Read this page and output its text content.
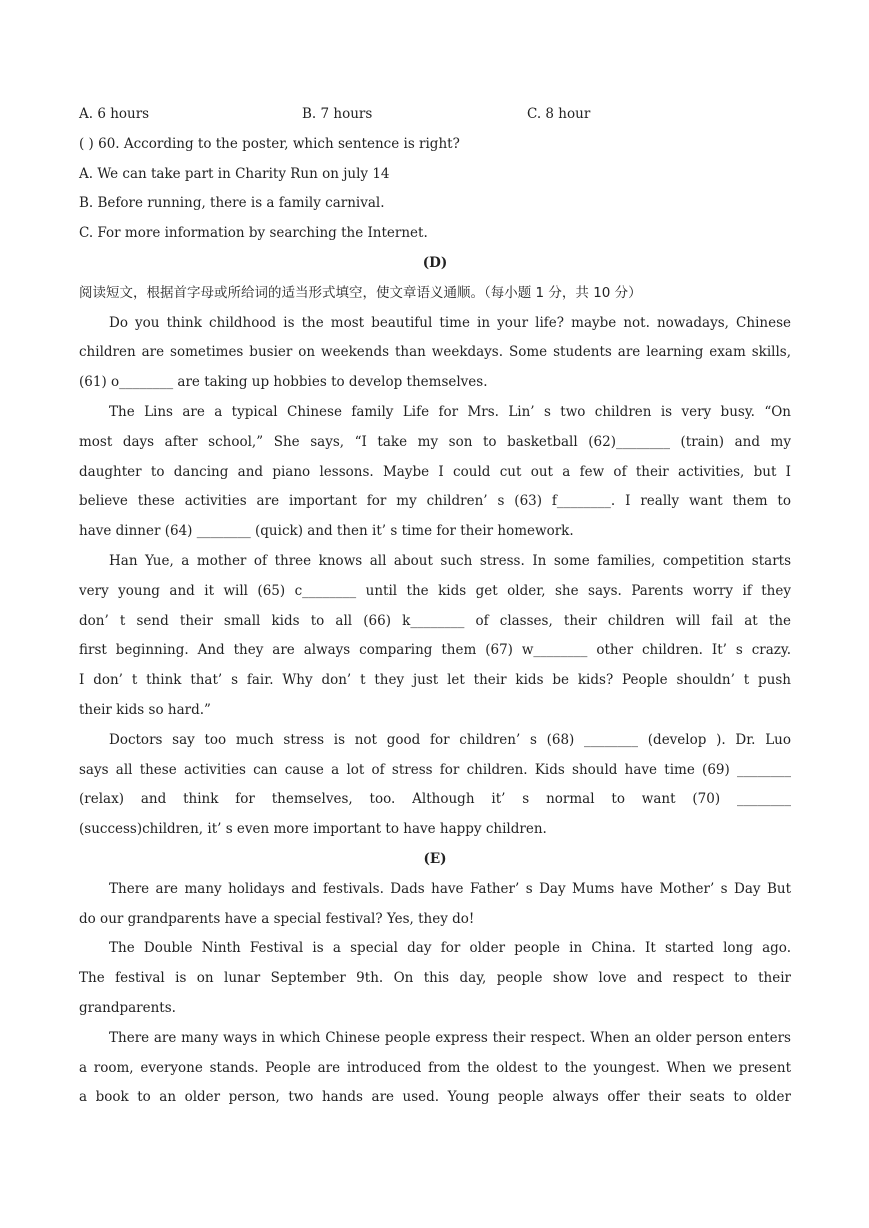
A. 6 hours	B. 7 hours	C. 8 hour
( ) 60. According to the poster, which sentence is right?
A. We can take part in Charity Run on july 14
B. Before running, there is a family carnival.
C. For more information by searching the Internet.
(D)
阅读短文，根据首字母或所给词的适当形式填空，使文章语义通顺。（每小题 1 分，共 10 分）
Do you think childhood is the most beautiful time in your life? maybe not. nowadays, Chinese
children are sometimes busier on weekends than weekdays. Some students are learning exam skills,
(61) o________ are taking up hobbies to develop themselves.
The Lins are a typical Chinese family Life for Mrs. Lin’ s two children is very busy. “On
most days after school,” She says, “I take my son to basketball (62)________ (train) and my
daughter to dancing and piano lessons. Maybe I could cut out a few of their activities, but I
believe these activities are important for my children’ s (63) f________. I really want them to
have dinner (64) ________ (quick) and then it’ s time for their homework.
Han Yue, a mother of three knows all about such stress. In some families, competition starts
very young and it will (65) c________ until the kids get older, she says. Parents worry if they
don’ t send their small kids to all (66) k________ of classes, their children will fail at the
first beginning. And they are always comparing them (67) w________ other children. It’ s crazy.
I don’ t think that’ s fair. Why don’ t they just let their kids be kids? People shouldn’ t push
their kids so hard.”
Doctors say too much stress is not good for children’ s (68) ________ (develop ). Dr. Luo
says all these activities can cause a lot of stress for children. Kids should have time (69) ________
(relax) and think for themselves, too. Although it’ s normal to want (70) ________
(success)children, it’ s even more important to have happy children.
(E)
There are many holidays and festivals. Dads have Father’ s Day Mums have Mother’ s Day But
do our grandparents have a special festival? Yes, they do!
The Double Ninth Festival is a special day for older people in China. It started long ago.
The festival is on lunar September 9th. On this day, people show love and respect to their
grandparents.
There are many ways in which Chinese people express their respect. When an older person enters
a room, everyone stands. People are introduced from the oldest to the youngest. When we present
a book to an older person, two hands are used. Young people always offer their seats to older
